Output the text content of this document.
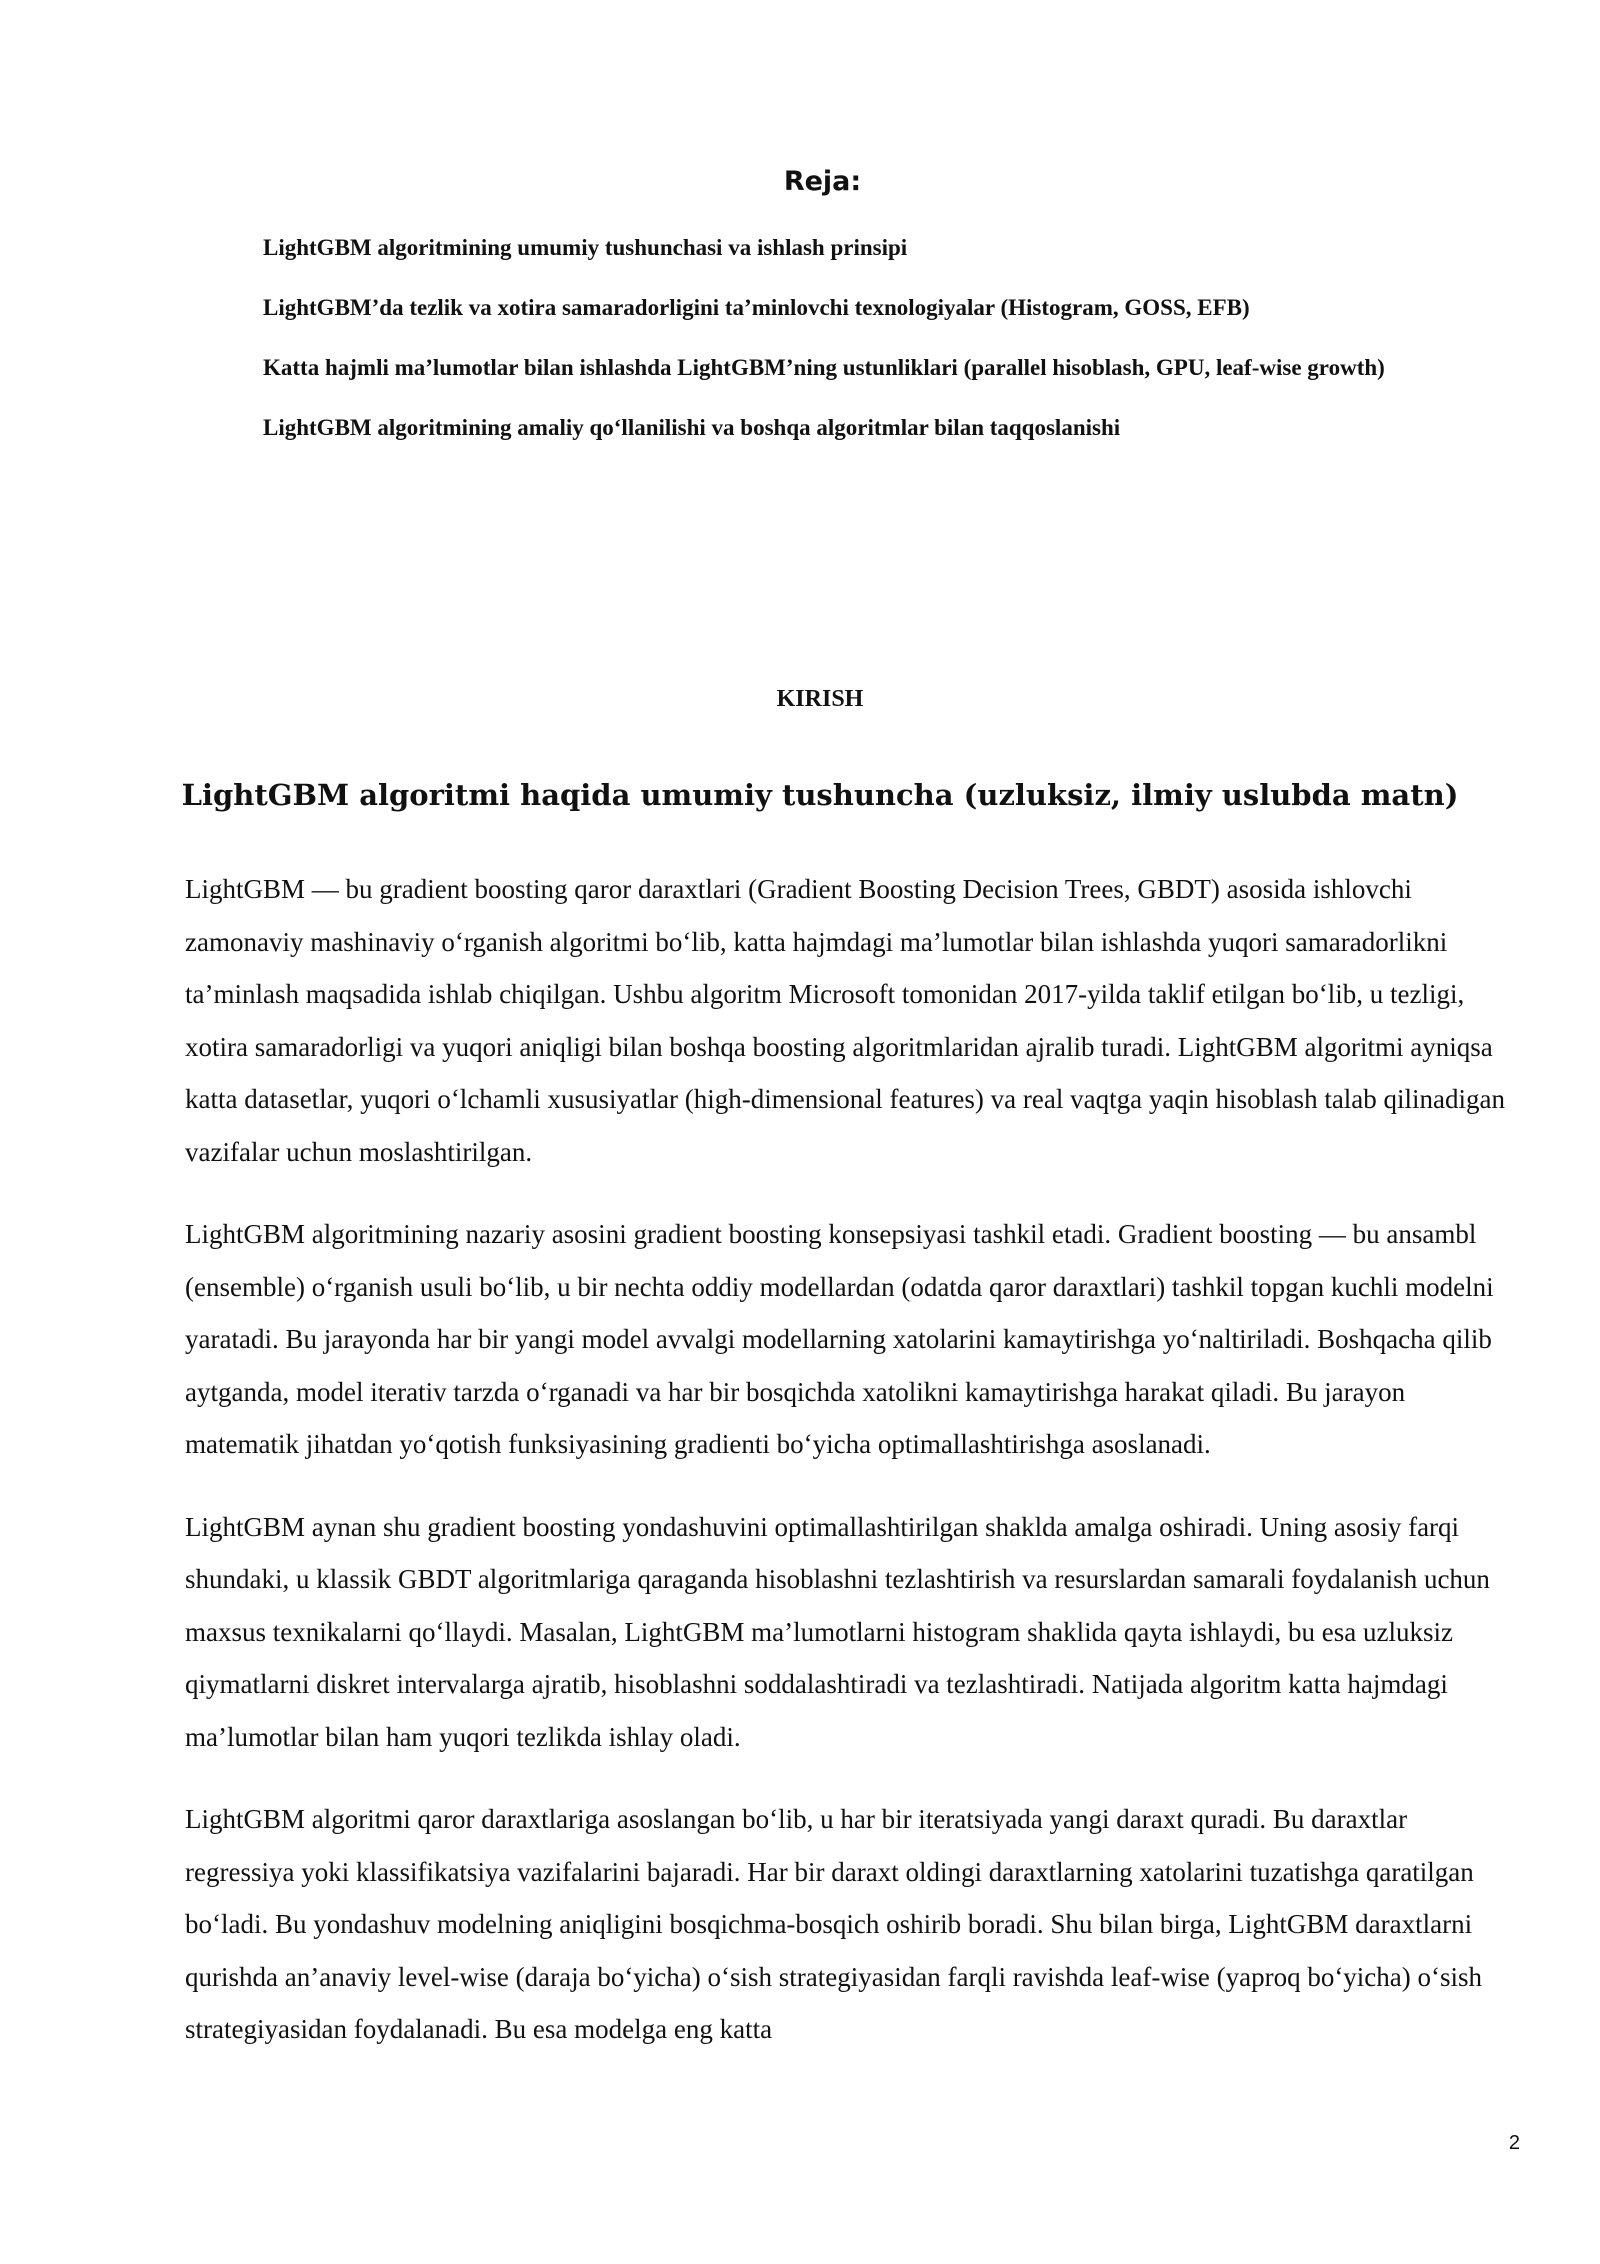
Reja:
LightGBM algoritmining umumiy tushunchasi va ishlash prinsipi
LightGBM’da tezlik va xotira samaradorligini ta’minlovchi texnologiyalar (Histogram, GOSS, EFB)
Katta hajmli ma’lumotlar bilan ishlashda LightGBM’ning ustunliklari (parallel hisoblash, GPU, leaf-wise growth)
LightGBM algoritmining amaliy qo‘llanilishi va boshqa algoritmlar bilan taqqoslanishi
KIRISH
LightGBM algoritmi haqida umumiy tushuncha (uzluksiz, ilmiy uslubda matn)

LightGBM — bu gradient boosting qaror daraxtlari (Gradient Boosting Decision Trees, GBDT) asosida ishlovchi zamonaviy mashinaviy o‘rganish algoritmi bo‘lib, katta hajmdagi ma’lumotlar bilan ishlashda yuqori samaradorlikni ta’minlash maqsadida ishlab chiqilgan. Ushbu algoritm Microsoft tomonidan 2017-yilda taklif etilgan bo‘lib, u tezligi, xotira samaradorligi va yuqori aniqligi bilan boshqa boosting algoritmlaridan ajralib turadi. LightGBM algoritmi ayniqsa katta datasetlar, yuqori o‘lchamli xususiyatlar (high-dimensional features) va real vaqtga yaqin hisoblash talab qilinadigan vazifalar uchun moslashtirilgan.

LightGBM algoritmining nazariy asosini gradient boosting konsepsiyasi tashkil etadi. Gradient boosting — bu ansambl (ensemble) o‘rganish usuli bo‘lib, u bir nechta oddiy modellardan (odatda qaror daraxtlari) tashkil topgan kuchli modelni yaratadi. Bu jarayonda har bir yangi model avvalgi modellarning xatolarini kamaytirishga yo‘naltiriladi. Boshqacha qilib aytganda, model iterativ tarzda o‘rganadi va har bir bosqichda xatolikni kamaytirishga harakat qiladi. Bu jarayon matematik jihatdan yo‘qotish funksiyasining gradienti bo‘yicha optimallashtirishga asoslanadi.

LightGBM aynan shu gradient boosting yondashuvini optimallashtirilgan shaklda amalga oshiradi. Uning asosiy farqi shundaki, u klassik GBDT algoritmlariga qaraganda hisoblashni tezlashtirish va resurslardan samarali foydalanish uchun maxsus texnikalarni qo‘llaydi. Masalan, LightGBM ma’lumotlarni histogram shaklida qayta ishlaydi, bu esa uzluksiz qiymatlarni diskret intervalarga ajratib, hisoblashni soddalashtiradi va tezlashtiradi. Natijada algoritm katta hajmdagi ma’lumotlar bilan ham yuqori tezlikda ishlay oladi.

LightGBM algoritmi qaror daraxtlariga asoslangan bo‘lib, u har bir iteratsiyada yangi daraxt quradi. Bu daraxtlar regressiya yoki klassifikatsiya vazifalarini bajaradi. Har bir daraxt oldingi daraxtlarning xatolarini tuzatishga qaratilgan bo‘ladi. Bu yondashuv modelning aniqligini bosqichma-bosqich oshirib boradi. Shu bilan birga, LightGBM daraxtlarni qurishda an’anaviy level-wise (daraja bo‘yicha) o‘sish strategiyasidan farqli ravishda leaf-wise (yaproq bo‘yicha) o‘sish strategiyasidan foydalanadi. Bu esa modelga eng katta

2
